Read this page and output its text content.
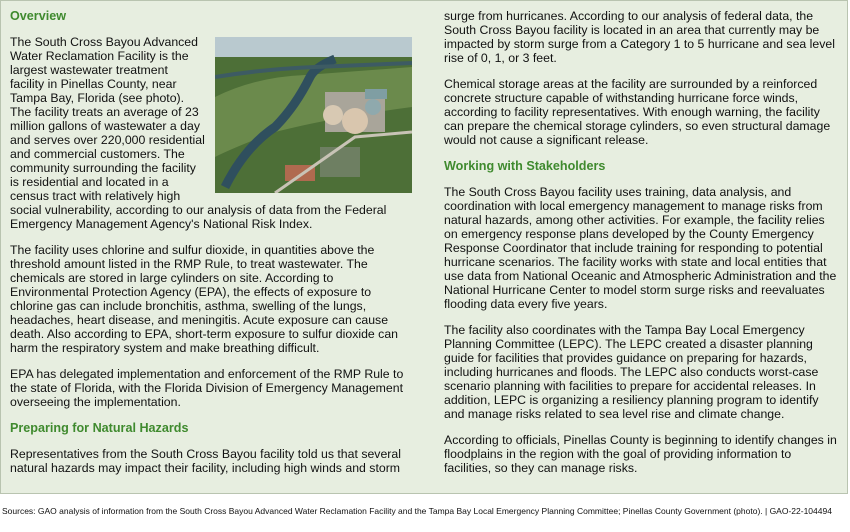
Overview

The South Cross Bayou Advanced Water Reclamation Facility is the largest wastewater treatment facility in Pinellas County, near Tampa Bay, Florida (see photo). The facility treats an average of 23 million gallons of wastewater a day and serves over 220,000 residential and commercial customers. The community surrounding the facility is residential and located in a census tract with relatively high social vulnerability, according to our analysis of data from the Federal Emergency Management Agency's National Risk Index.

The facility uses chlorine and sulfur dioxide, in quantities above the threshold amount listed in the RMP Rule, to treat wastewater. The chemicals are stored in large cylinders on site. According to Environmental Protection Agency (EPA), the effects of exposure to chlorine gas can include bronchitis, asthma, swelling of the lungs, headaches, heart disease, and meningitis. Acute exposure can cause death. Also according to EPA, short-term exposure to sulfur dioxide can harm the respiratory system and make breathing difficult.

EPA has delegated implementation and enforcement of the RMP Rule to the state of Florida, with the Florida Division of Emergency Management overseeing the implementation.

Preparing for Natural Hazards

Representatives from the South Cross Bayou facility told us that several natural hazards may impact their facility, including high winds and storm

surge from hurricanes. According to our analysis of federal data, the South Cross Bayou facility is located in an area that currently may be impacted by storm surge from a Category 1 to 5 hurricane and sea level rise of 0, 1, or 3 feet.

Chemical storage areas at the facility are surrounded by a reinforced concrete structure capable of withstanding hurricane force winds, according to facility representatives. With enough warning, the facility can prepare the chemical storage cylinders, so even structural damage would not cause a significant release.

Working with Stakeholders

The South Cross Bayou facility uses training, data analysis, and coordination with local emergency management to manage risks from natural hazards, among other activities. For example, the facility relies on emergency response plans developed by the County Emergency Response Coordinator that include training for responding to potential hurricane scenarios. The facility works with state and local entities that use data from National Oceanic and Atmospheric Administration and the National Hurricane Center to model storm surge risks and reevaluates flooding data every five years.

The facility also coordinates with the Tampa Bay Local Emergency Planning Committee (LEPC). The LEPC created a disaster planning guide for facilities that provides guidance on preparing for hazards, including hurricanes and floods. The LEPC also conducts worst-case scenario planning with facilities to prepare for accidental releases. In addition, LEPC is organizing a resiliency planning program to identify and manage risks related to sea level rise and climate change.

According to officials, Pinellas County is beginning to identify changes in floodplains in the region with the goal of providing information to facilities, so they can manage risks.

Sources: GAO analysis of information from the South Cross Bayou Advanced Water Reclamation Facility and the Tampa Bay Local Emergency Planning Committee; Pinellas County Government (photo). | GAO-22-104494
